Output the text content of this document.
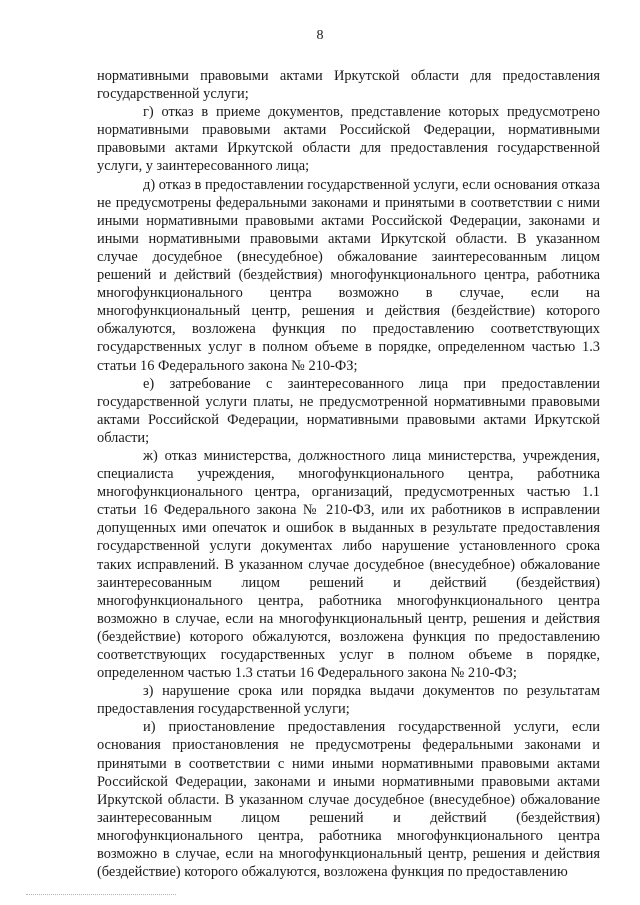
8

нормативными правовыми актами Иркутской области для предоставления государственной услуги;

г) отказ в приеме документов, представление которых предусмотрено нормативными правовыми актами Российской Федерации, нормативными правовыми актами Иркутской области для предоставления государственной услуги, у заинтересованного лица;

д) отказ в предоставлении государственной услуги, если основания отказа не предусмотрены федеральными законами и принятыми в соответствии с ними иными нормативными правовыми актами Российской Федерации, законами и иными нормативными правовыми актами Иркутской области. В указанном случае досудебное (внесудебное) обжалование заинтересованным лицом решений и действий (бездействия) многофункционального центра, работника многофункционального центра возможно в случае, если на многофункциональный центр, решения и действия (бездействие) которого обжалуются, возложена функция по предоставлению соответствующих государственных услуг в полном объеме в порядке, определенном частью 1.3 статьи 16 Федерального закона № 210-ФЗ;

е) затребование с заинтересованного лица при предоставлении государственной услуги платы, не предусмотренной нормативными правовыми актами Российской Федерации, нормативными правовыми актами Иркутской области;

ж) отказ министерства, должностного лица министерства, учреждения, специалиста учреждения, многофункционального центра, работника многофункционального центра, организаций, предусмотренных частью 1.1 статьи 16 Федерального закона № 210-ФЗ, или их работников в исправлении допущенных ими опечаток и ошибок в выданных в результате предоставления государственной услуги документах либо нарушение установленного срока таких исправлений. В указанном случае досудебное (внесудебное) обжалование заинтересованным лицом решений и действий (бездействия) многофункционального центра, работника многофункционального центра возможно в случае, если на многофункциональный центр, решения и действия (бездействие) которого обжалуются, возложена функция по предоставлению соответствующих государственных услуг в полном объеме в порядке, определенном частью 1.3 статьи 16 Федерального закона № 210-ФЗ;

з) нарушение срока или порядка выдачи документов по результатам предоставления государственной услуги;

и) приостановление предоставления государственной услуги, если основания приостановления не предусмотрены федеральными законами и принятыми в соответствии с ними иными нормативными правовыми актами Российской Федерации, законами и иными нормативными правовыми актами Иркутской области. В указанном случае досудебное (внесудебное) обжалование заинтересованным лицом решений и действий (бездействия) многофункционального центра, работника многофункционального центра возможно в случае, если на многофункциональный центр, решения и действия (бездействие) которого обжалуются, возложена функция по предоставлению
